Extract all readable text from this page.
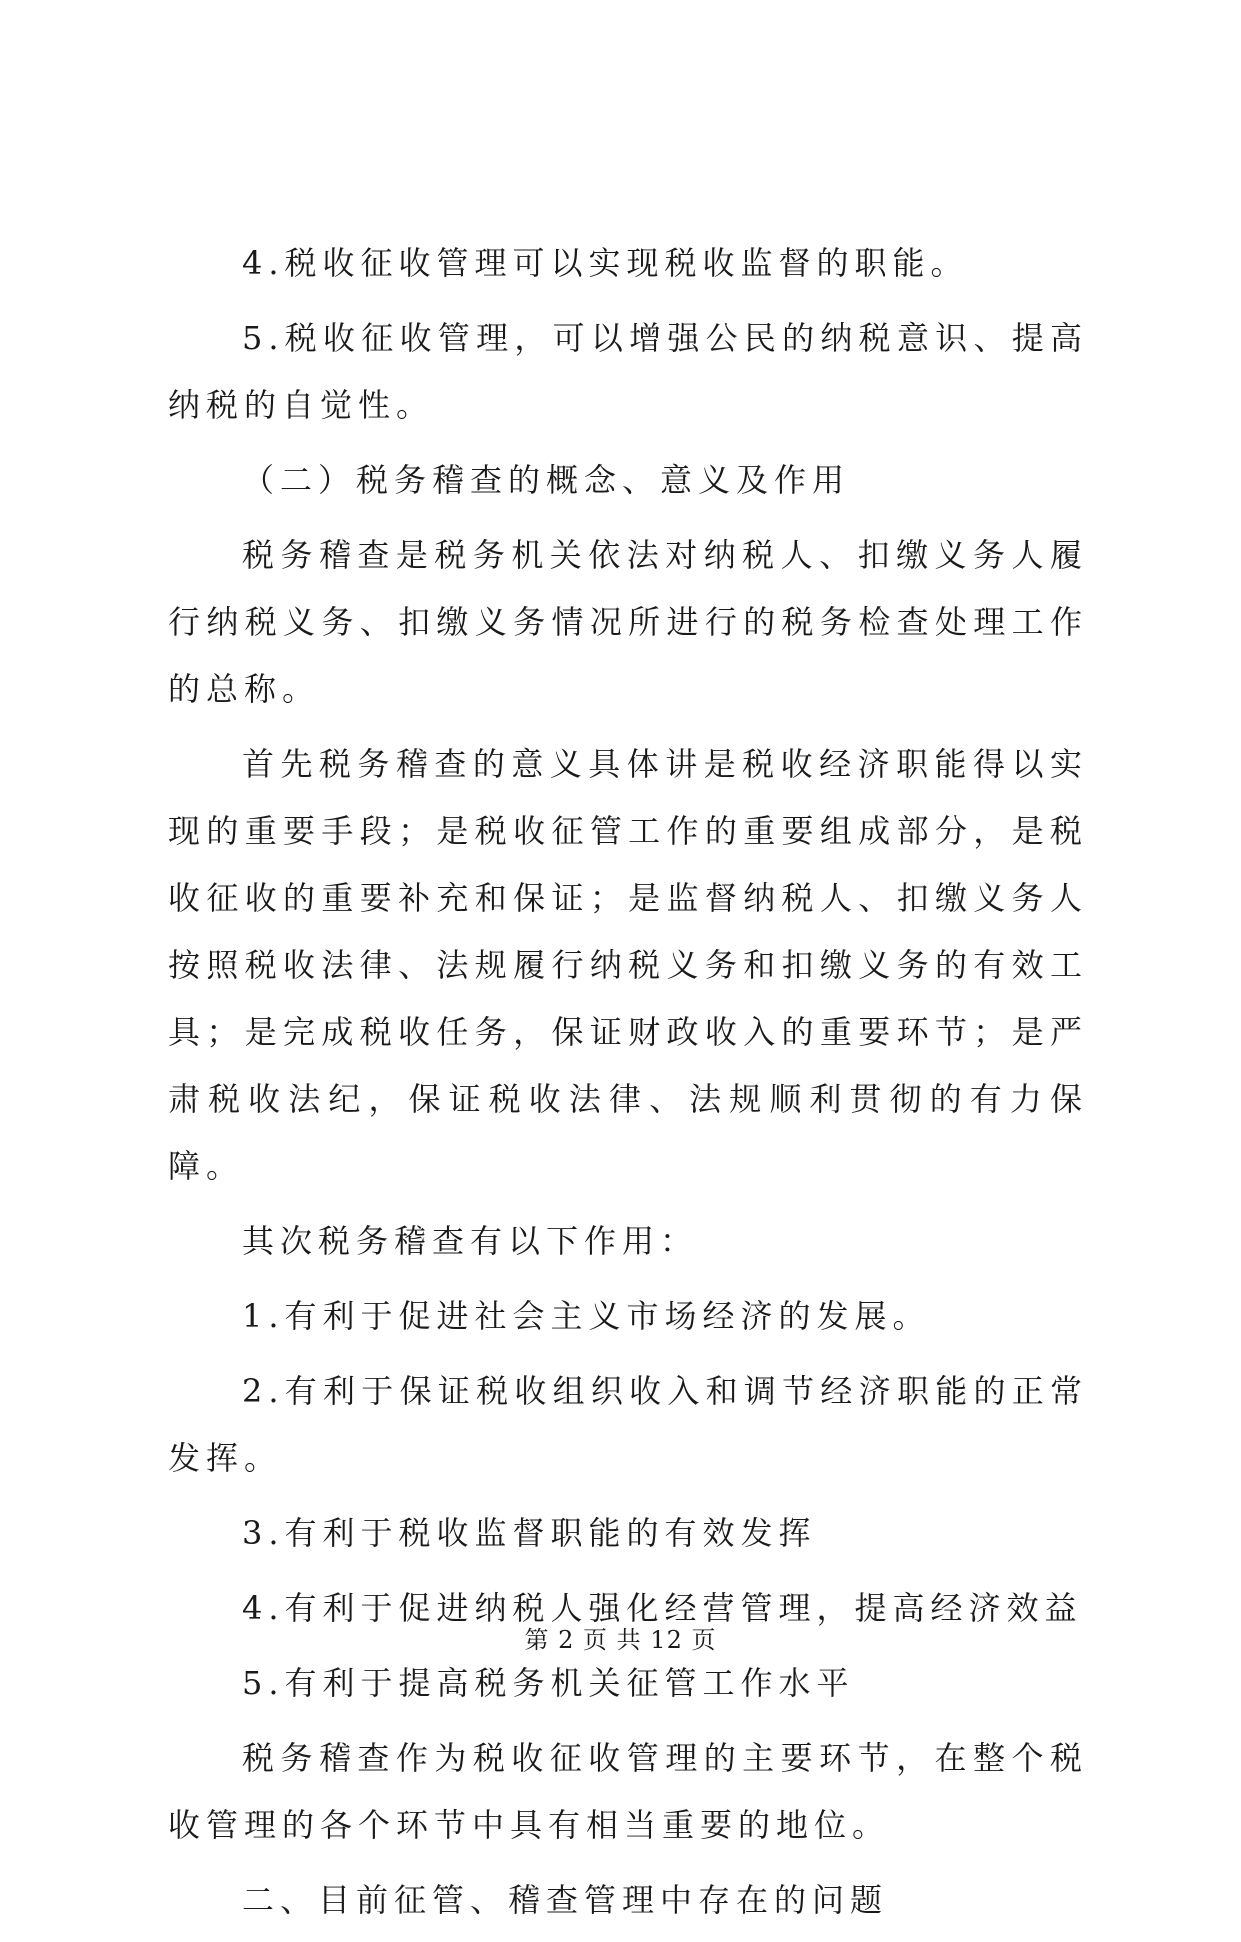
4.税收征收管理可以实现税收监督的职能。

5.税收征收管理，可以增强公民的纳税意识、提高纳税的自觉性。

（二）税务稽查的概念、意义及作用

税务稽查是税务机关依法对纳税人、扣缴义务人履行纳税义务、扣缴义务情况所进行的税务检查处理工作的总称。

首先税务稽查的意义具体讲是税收经济职能得以实现的重要手段；是税收征管工作的重要组成部分，是税收征收的重要补充和保证；是监督纳税人、扣缴义务人按照税收法律、法规履行纳税义务和扣缴义务的有效工具；是完成税收任务，保证财政收入的重要环节；是严肃税收法纪，保证税收法律、法规顺利贯彻的有力保障。

其次税务稽查有以下作用：

1.有利于促进社会主义市场经济的发展。

2.有利于保证税收组织收入和调节经济职能的正常发挥。

3.有利于税收监督职能的有效发挥

4.有利于促进纳税人强化经营管理，提高经济效益

5.有利于提高税务机关征管工作水平

税务稽查作为税收征收管理的主要环节，在整个税收管理的各个环节中具有相当重要的地位。

二、目前征管、稽查管理中存在的问题

第 2 页 共 12 页
